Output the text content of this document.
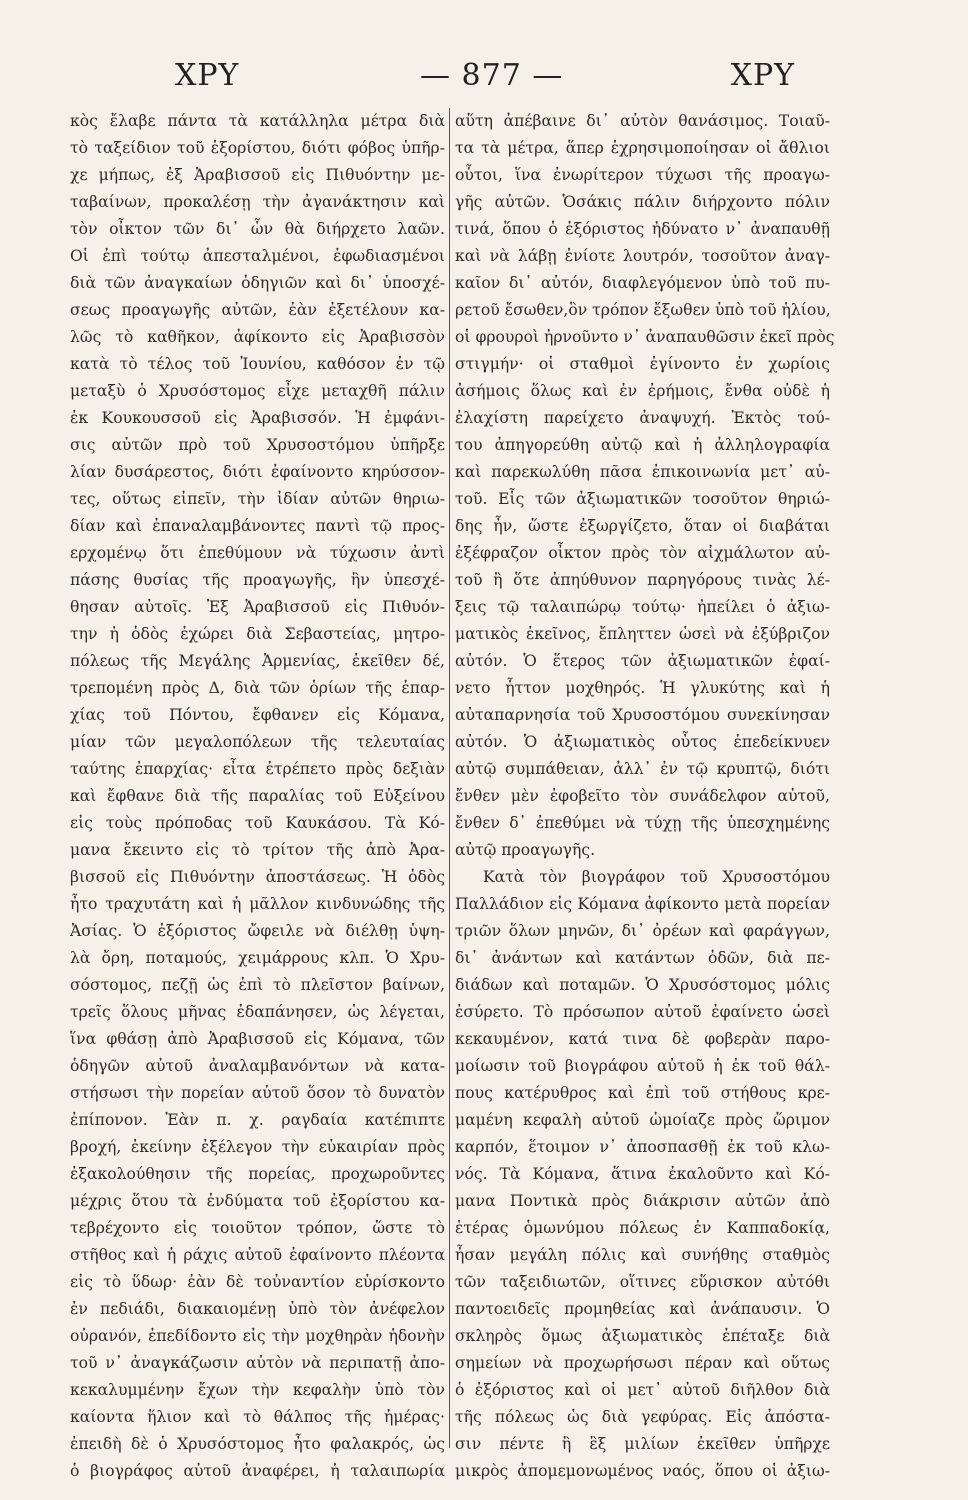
ΧΡΥ	— 877 —	ΧΡΥ

κὸς ἔλαβε πάντα τὰ κατάλληλα μέτρα διὰ

τὸ ταξείδιον τοῦ ἐξορίστου, διότι φόβος ὑπῆρ-

χε μήπως, ἐξ Ἀραβισσοῦ εἰς Πιθυόντην με-

ταβαίνων, προκαλέσῃ τὴν ἀγανάκτησιν καὶ

τὸν οἶκτον τῶν δι᾽ ὧν θὰ διήρχετο λαῶν.

Οἱ ἐπὶ τούτῳ ἀπεσταλμένοι, ἐφωδιασμένοι

διὰ τῶν ἀναγκαίων ὁδηγιῶν καὶ δι᾽ ὑποσχέ-

σεως προαγωγῆς αὐτῶν, ἐὰν ἐξετέλουν κα-

λῶς τὸ καθῆκον, ἀφίκοντο εἰς Ἀραβισσὸν

κατὰ τὸ τέλος τοῦ Ἰουνίου, καθόσον ἐν τῷ

μεταξὺ ὁ Χρυσόστομος εἶχε μεταχθῆ πάλιν

ἐκ Κουκουσσοῦ εἰς Ἀραβισσόν. Ἡ ἐμφάνι-

σις αὐτῶν πρὸ τοῦ Χρυσοστόμου ὑπῆρξε

λίαν δυσάρεστος, διότι ἐφαίνοντο κηρύσσον-

τες, οὕτως εἰπεῖν, τὴν ἰδίαν αὐτῶν θηριω-

δίαν καὶ ἐπαναλαμβάνοντες παντὶ τῷ προς-

ερχομένῳ ὅτι ἐπεθύμουν νὰ τύχωσιν ἀντὶ

πάσης θυσίας τῆς προαγωγῆς, ἣν ὑπεσχέ-

θησαν αὐτοῖς. Ἐξ Ἀραβισσοῦ εἰς Πιθυόν-

την ἡ ὁδὸς ἐχώρει διὰ Σεβαστείας, μητρο-

πόλεως τῆς Μεγάλης Ἀρμενίας, ἐκεῖθεν δέ,

τρεπομένη πρὸς Δ, διὰ τῶν ὁρίων τῆς ἐπαρ-

χίας τοῦ Πόντου, ἔφθανεν εἰς Κόμανα,

μίαν τῶν μεγαλοπόλεων τῆς τελευταίας

ταύτης ἐπαρχίας· εἶτα ἐτρέπετο πρὸς δεξιὰν

καὶ ἔφθανε διὰ τῆς παραλίας τοῦ Εὐξείνου

εἰς τοὺς πρόποδας τοῦ Καυκάσου. Τὰ Κό-

μανα ἔκειντο εἰς τὸ τρίτον τῆς ἀπὸ Ἀρα-

βισσοῦ εἰς Πιθυόντην ἀποστάσεως. Ἡ ὁδὸς

ἦτο τραχυτάτη καὶ ἡ μᾶλλον κινδυνώδης τῆς

Ἀσίας. Ὁ ἐξόριστος ὤφειλε νὰ διέλθῃ ὑψη-

λὰ ὄρη, ποταμούς, χειμάρρους κλπ. Ὁ Χρυ-

σόστομος, πεζῇ ὡς ἐπὶ τὸ πλεῖστον βαίνων,

τρεῖς ὅλους μῆνας ἐδαπάνησεν, ὡς λέγεται,

ἵνα φθάσῃ ἀπὸ Ἀραβισσοῦ εἰς Κόμανα, τῶν

ὁδηγῶν αὐτοῦ ἀναλαμβανόντων νὰ κατα-

στήσωσι τὴν πορείαν αὐτοῦ ὅσον τὸ δυνατὸν

ἐπίπονον. Ἐὰν π. χ. ραγδαία κατέπιπτε

βροχή, ἐκείνην ἐξέλεγον τὴν εὐκαιρίαν πρὸς

ἐξακολούθησιν τῆς πορείας, προχωροῦντες

μέχρις ὅτου τὰ ἐνδύματα τοῦ ἐξορίστου κα-

τεβρέχοντο εἰς τοιοῦτον τρόπον, ὥστε τὸ

στῆθος καὶ ἡ ράχις αὐτοῦ ἐφαίνοντο πλέοντα

εἰς τὸ ὕδωρ· ἐὰν δὲ τοὐναντίον εὑρίσκοντο

ἐν πεδιάδι, διακαιομένῃ ὑπὸ τὸν ἀνέφελον

οὐρανόν, ἐπεδίδοντο εἰς τὴν μοχθηρὰν ἡδονὴν

τοῦ ν᾽ ἀναγκάζωσιν αὐτὸν νὰ περιπατῇ ἀπο-

κεκαλυμμένην ἔχων τὴν κεφαλὴν ὑπὸ τὸν

καίοντα ἥλιον καὶ τὸ θάλπος τῆς ἡμέρας·

ἐπειδὴ δὲ ὁ Χρυσόστομος ἦτο φαλακρός, ὡς

ὁ βιογράφος αὐτοῦ ἀναφέρει, ἡ ταλαιπωρία

αὕτη ἀπέβαινε δι᾽ αὐτὸν θανάσιμος. Τοιαῦ-

τα τὰ μέτρα, ἅπερ ἐχρησιμοποίησαν οἱ ἄθλιοι

οὗτοι, ἵνα ἐνωρίτερον τύχωσι τῆς προαγω-

γῆς αὐτῶν. Ὁσάκις πάλιν διήρχοντο πόλιν

τινά, ὅπου ὁ ἐξόριστος ἠδύνατο ν᾽ ἀναπαυθῇ

καὶ νὰ λάβῃ ἐνίοτε λουτρόν, τοσοῦτον ἀναγ-

καῖον δι᾽ αὐτόν, διαφλεγόμενον ὑπὸ τοῦ πυ-

ρετοῦ ἔσωθεν,ὃν τρόπον ἔξωθεν ὑπὸ τοῦ ἡλίου,

οἱ φρουροὶ ἠρνοῦντο ν᾽ ἀναπαυθῶσιν ἐκεῖ πρὸς

στιγμήν· οἱ σταθμοὶ ἐγίνοντο ἐν χωρίοις

ἀσήμοις ὅλως καὶ ἐν ἐρήμοις, ἔνθα οὐδὲ ἡ

ἐλαχίστη παρείχετο ἀναψυχή. Ἐκτὸς τού-

του ἀπηγορεύθη αὐτῷ καὶ ἡ ἀλληλογραφία

καὶ παρεκωλύθη πᾶσα ἐπικοινωνία μετ᾽ αὐ-

τοῦ. Εἷς τῶν ἀξιωματικῶν τοσοῦτον θηριώ-

δης ἦν, ὥστε ἐξωργίζετο, ὅταν οἱ διαβάται

ἐξέφραζον οἶκτον πρὸς τὸν αἰχμάλωτον αὐ-

τοῦ ἢ ὅτε ἀπηύθυνον παρηγόρους τινὰς λέ-

ξεις τῷ ταλαιπώρῳ τούτῳ· ἠπείλει ὁ ἀξιω-

ματικὸς ἐκεῖνος, ἔπληττεν ὡσεὶ νὰ ἐξύβριζον

αὐτόν. Ὁ ἕτερος τῶν ἀξιωματικῶν ἐφαί-

νετο ἧττον μοχθηρός. Ἡ γλυκύτης καὶ ἡ

αὐταπαρνησία τοῦ Χρυσοστόμου συνεκίνησαν

αὐτόν. Ὁ ἀξιωματικὸς οὗτος ἐπεδείκνυεν

αὐτῷ συμπάθειαν, ἀλλ᾽ ἐν τῷ κρυπτῷ, διότι

ἔνθεν μὲν ἐφοβεῖτο τὸν συνάδελφον αὐτοῦ,

ἔνθεν δ᾽ ἐπεθύμει νὰ τύχῃ τῆς ὑπεσχημένης

αὐτῷ προαγωγῆς.

Κατὰ τὸν βιογράφον τοῦ Χρυσοστόμου

Παλλάδιον εἰς Κόμανα ἀφίκοντο μετὰ πορείαν

τριῶν ὅλων μηνῶν, δι᾽ ὀρέων καὶ φαράγγων,

δι᾽ ἀνάντων καὶ κατάντων ὁδῶν, διὰ πε-

διάδων καὶ ποταμῶν. Ὁ Χρυσόστομος μόλις

ἐσύρετο. Τὸ πρόσωπον αὐτοῦ ἐφαίνετο ὡσεὶ

κεκαυμένον, κατά τινα δὲ φοβερὰν παρο-

μοίωσιν τοῦ βιογράφου αὐτοῦ ἡ ἐκ τοῦ θάλ-

πους κατέρυθρος καὶ ἐπὶ τοῦ στήθους κρε-

μαμένη κεφαλὴ αὐτοῦ ὡμοίαζε πρὸς ὥριμον

καρπόν, ἕτοιμον ν᾽ ἀποσπασθῇ ἐκ τοῦ κλω-

νός. Τὰ Κόμανα, ἅτινα ἐκαλοῦντο καὶ Κό-

μανα Ποντικὰ πρὸς διάκρισιν αὐτῶν ἀπὸ

ἑτέρας ὁμωνύμου πόλεως ἐν Καππαδοκίᾳ,

ἦσαν μεγάλη πόλις καὶ συνήθης σταθμὸς

τῶν ταξειδιωτῶν, οἵτινες εὕρισκον αὐτόθι

παντοειδεῖς προμηθείας καὶ ἀνάπαυσιν. Ὁ

σκληρὸς ὅμως ἀξιωματικὸς ἐπέταξε διὰ

σημείων νὰ προχωρήσωσι πέραν καὶ οὕτως

ὁ ἐξόριστος καὶ οἱ μετ᾽ αὐτοῦ διῆλθον διὰ

τῆς πόλεως ὡς διὰ γεφύρας. Εἰς ἀπόστα-

σιν πέντε ἢ ἓξ μιλίων ἐκεῖθεν ὑπῆρχε

μικρὸς ἀπομεμονωμένος ναός, ὅπου οἱ ἀξιω-
